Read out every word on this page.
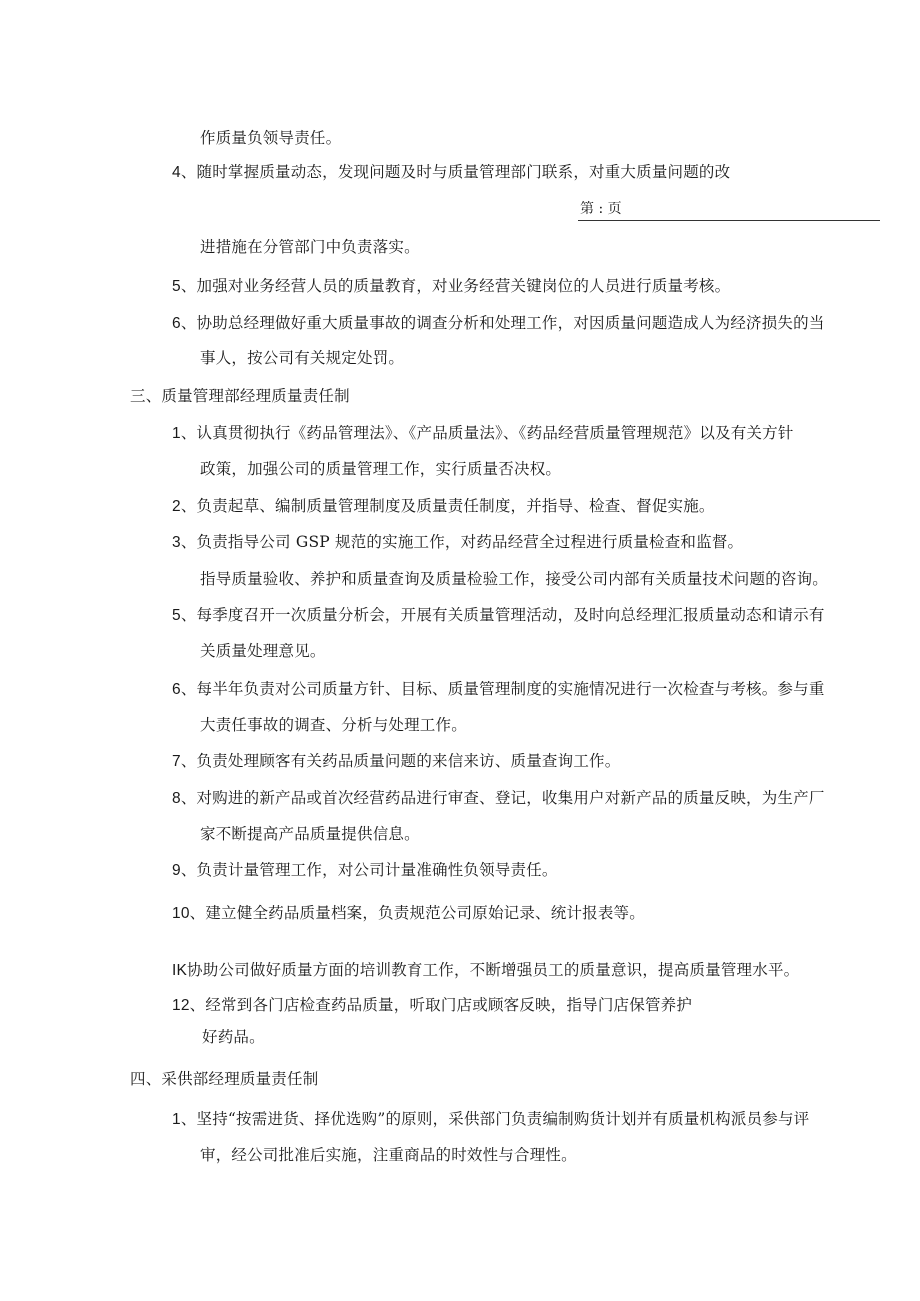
作质量负领导责任。
4、随时掌握质量动态，发现问题及时与质量管理部门联系，对重大质量问题的改
第 : 页
进措施在分管部门中负责落实。
5、加强对业务经营人员的质量教育，对业务经营关键岗位的人员进行质量考核。
6、协助总经理做好重大质量事故的调查分析和处理工作，对因质量问题造成人为经济损失的当
事人，按公司有关规定处罚。
三、质量管理部经理质量责任制
1、认真贯彻执行《药品管理法》、《产品质量法》、《药品经营质量管理规范》以及有关方针
政策，加强公司的质量管理工作，实行质量否决权。
2、负责起草、编制质量管理制度及质量责任制度，并指导、检查、督促实施。
3、负责指导公司 GSP 规范的实施工作，对药品经营全过程进行质量检查和监督。
指导质量验收、养护和质量查询及质量检验工作，接受公司内部有关质量技术问题的咨询。
5、每季度召开一次质量分析会，开展有关质量管理活动，及时向总经理汇报质量动态和请示有
关质量处理意见。
6、每半年负责对公司质量方针、目标、质量管理制度的实施情况进行一次检查与考核。参与重
大责任事故的调查、分析与处理工作。
7、负责处理顾客有关药品质量问题的来信来访、质量查询工作。
8、对购进的新产品或首次经营药品进行审查、登记，收集用户对新产品的质量反映，为生产厂
家不断提高产品质量提供信息。
9、负责计量管理工作，对公司计量准确性负领导责任。
10、建立健全药品质量档案，负责规范公司原始记录、统计报表等。
IK协助公司做好质量方面的培训教育工作，不断增强员工的质量意识，提高质量管理水平。
12、经常到各门店检查药品质量，听取门店或顾客反映，指导门店保管养护
好药品。
四、采供部经理质量责任制
1、坚持“按需进货、择优选购”的原则，采供部门负责编制购货计划并有质量机构派员参与评
审，经公司批准后实施，注重商品的时效性与合理性。
